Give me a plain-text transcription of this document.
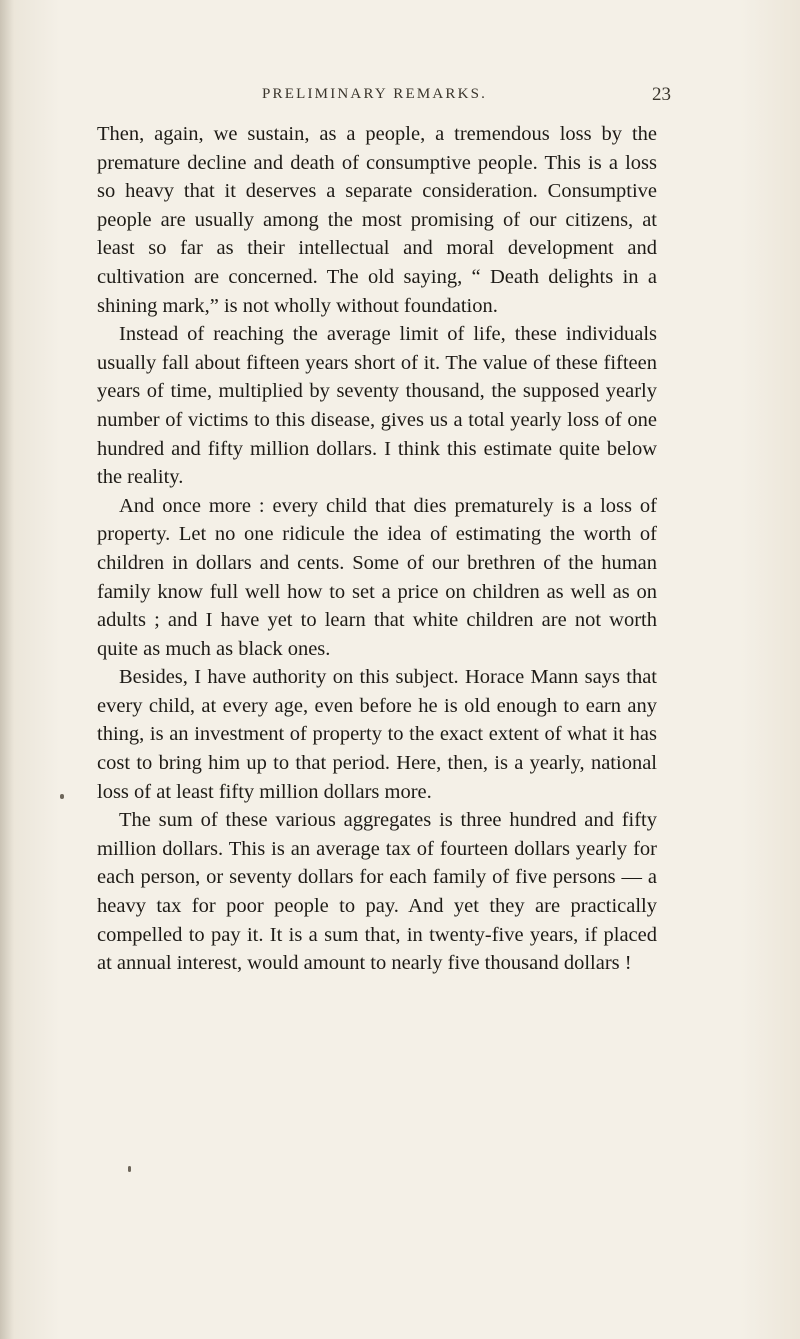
PRELIMINARY REMARKS.	23

Then, again, we sustain, as a people, a tremendous loss by the premature decline and death of consumptive people. This is a loss so heavy that it deserves a separate consideration. Consumptive people are usually among the most promising of our citizens, at least so far as their intellectual and moral development and cultivation are concerned. The old saying, “ Death delights in a shining mark,” is not wholly without foundation.

Instead of reaching the average limit of life, these individuals usually fall about fifteen years short of it. The value of these fifteen years of time, multiplied by seventy thousand, the supposed yearly number of victims to this disease, gives us a total yearly loss of one hundred and fifty million dollars. I think this estimate quite below the reality.

And once more : every child that dies prematurely is a loss of property. Let no one ridicule the idea of estimating the worth of children in dollars and cents. Some of our brethren of the human family know full well how to set a price on children as well as on adults ; and I have yet to learn that white children are not worth quite as much as black ones.

Besides, I have authority on this subject. Horace Mann says that every child, at every age, even before he is old enough to earn any thing, is an investment of property to the exact extent of what it has cost to bring him up to that period. Here, then, is a yearly, national loss of at least fifty million dollars more.

The sum of these various aggregates is three hundred and fifty million dollars. This is an average tax of fourteen dollars yearly for each person, or seventy dollars for each family of five persons — a heavy tax for poor people to pay. And yet they are practically compelled to pay it. It is a sum that, in twenty-five years, if placed at annual interest, would amount to nearly five thousand dollars !
